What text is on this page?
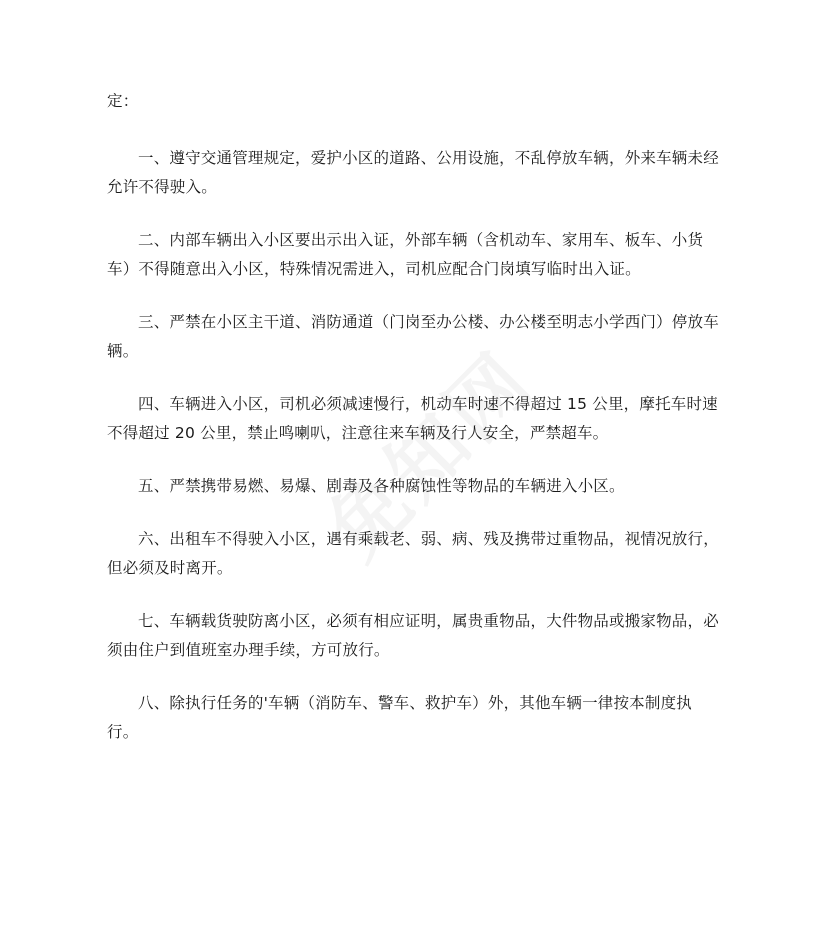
定：
一、遵守交通管理规定，爱护小区的道路、公用设施，不乱停放车辆，外来车辆未经
允许不得驶入。
二、内部车辆出入小区要出示出入证，外部车辆（含机动车、家用车、板车、小货
车）不得随意出入小区，特殊情况需进入，司机应配合门岗填写临时出入证。
三、严禁在小区主干道、消防通道（门岗至办公楼、办公楼至明志小学西门）停放车
辆。
四、车辆进入小区，司机必须减速慢行，机动车时速不得超过 15 公里，摩托车时速
不得超过 20 公里，禁止鸣喇叭，注意往来车辆及行人安全，严禁超车。
五、严禁携带易燃、易爆、剧毒及各种腐蚀性等物品的车辆进入小区。
六、出租车不得驶入小区，遇有乘载老、弱、病、残及携带过重物品，视情况放行，
但必须及时离开。
七、车辆载货驶防离小区，必须有相应证明，属贵重物品，大件物品或搬家物品，必
须由住户到值班室办理手续，方可放行。
八、除执行任务的'车辆（消防车、警车、救护车）外，其他车辆一律按本制度执
行。
